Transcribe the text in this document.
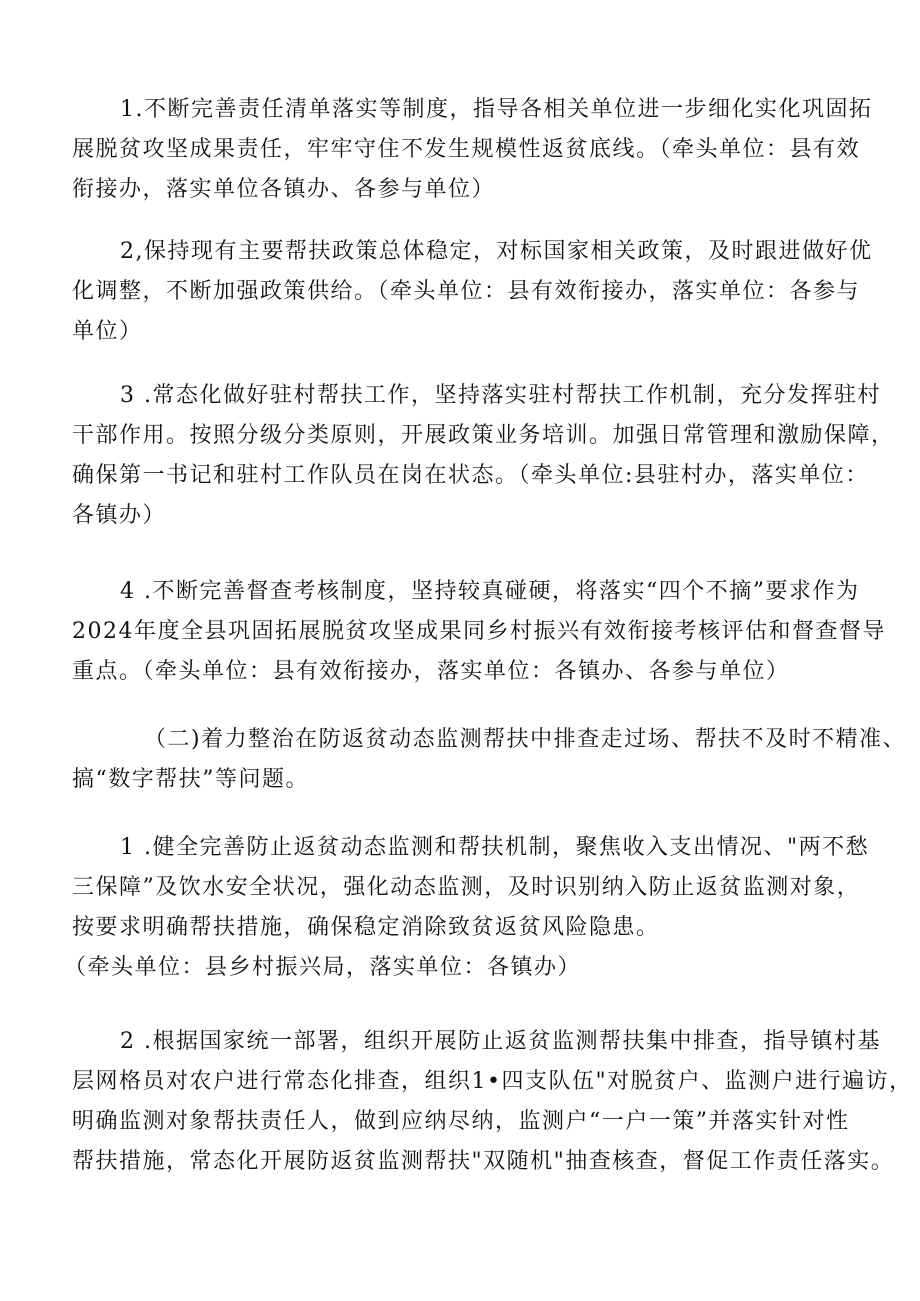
1.不断完善责任清单落实等制度，指导各相关单位进一步细化实化巩固拓
展脱贫攻坚成果责任，牢牢守住不发生规模性返贫底线。（牵头单位：县有效
衔接办，落实单位各镇办、各参与单位）
2,保持现有主要帮扶政策总体稳定，对标国家相关政策，及时跟进做好优
化调整，不断加强政策供给。（牵头单位：县有效衔接办，落实单位：各参与
单位）
3 .常态化做好驻村帮扶工作，坚持落实驻村帮扶工作机制，充分发挥驻村
干部作用。按照分级分类原则，开展政策业务培训。加强日常管理和激励保障，
确保第一书记和驻村工作队员在岗在状态。（牵头单位:县驻村办，落实单位：
各镇办）
4 .不断完善督查考核制度，坚持较真碰硬，将落实“四个不摘”要求作为
2024年度全县巩固拓展脱贫攻坚成果同乡村振兴有效衔接考核评估和督查督导
重点。（牵头单位：县有效衔接办，落实单位：各镇办、各参与单位）
（二)着力整治在防返贫动态监测帮扶中排查走过场、帮扶不及时不精准、
搞“数字帮扶”等问题。
1 .健全完善防止返贫动态监测和帮扶机制，聚焦收入支出情况、"两不愁
三保障”及饮水安全状况，强化动态监测，及时识别纳入防止返贫监测对象，
按要求明确帮扶措施，确保稳定消除致贫返贫风险隐患。
（牵头单位：县乡村振兴局，落实单位：各镇办）
2 .根据国家统一部署，组织开展防止返贫监测帮扶集中排查，指导镇村基
层网格员对农户进行常态化排查，组织1•四支队伍"对脱贫户、监测户进行遍访，
明确监测对象帮扶责任人，做到应纳尽纳，监测户“一户一策”并落实针对性
帮扶措施，常态化开展防返贫监测帮扶"双随机"抽查核查，督促工作责任落实。
